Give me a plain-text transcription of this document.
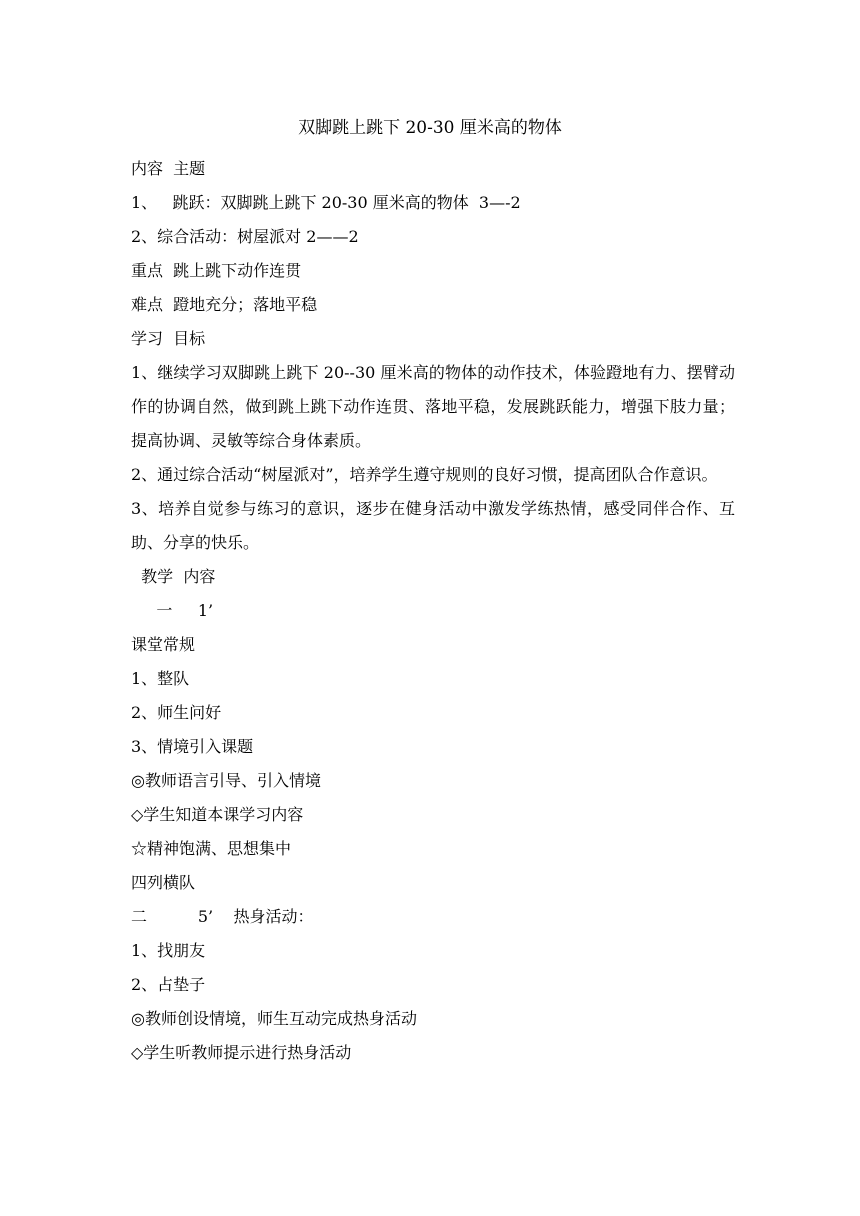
双脚跳上跳下 20-30 厘米高的物体
内容  主题
1、   跳跃：双脚跳上跳下 20-30 厘米高的物体  3—-2
2、综合活动：树屋派对 2——2
重点  跳上跳下动作连贯
难点  蹬地充分；落地平稳
学习  目标
1、继续学习双脚跳上跳下 20--30 厘米高的物体的动作技术，体验蹬地有力、摆臂动作的协调自然，做到跳上跳下动作连贯、落地平稳，发展跳跃能力，增强下肢力量；提高协调、灵敏等综合身体素质。
2、通过综合活动“树屋派对”，培养学生遵守规则的良好习惯，提高团队合作意识。
3、培养自觉参与练习的意识，逐步在健身活动中激发学练热情，感受同伴合作、互助、分享的快乐。
教学  内容
一     1’
课堂常规
1、整队
2、师生问好
3、情境引入课题
◎教师语言引导、引入情境
◇学生知道本课学习内容
☆精神饱满、思想集中
四列横队
二          5’    热身活动：
1、找朋友
2、占垫子
◎教师创设情境，师生互动完成热身活动
◇学生听教师提示进行热身活动
